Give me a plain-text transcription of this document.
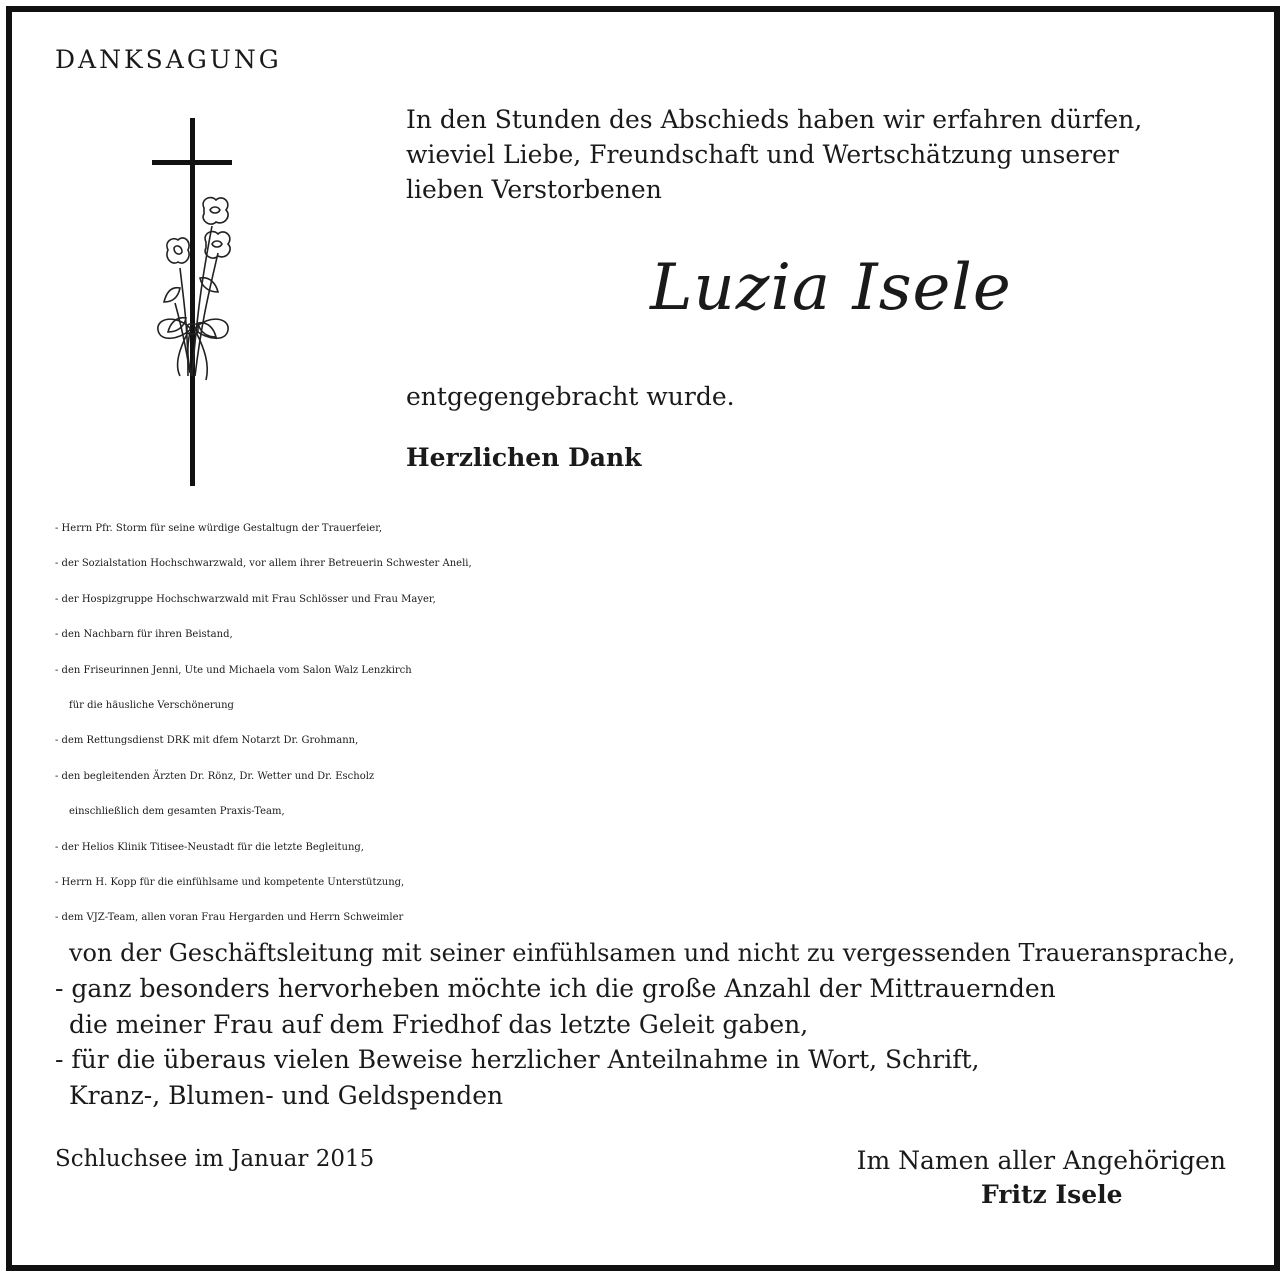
DANKSAGUNG
In den Stunden des Abschieds haben wir erfahren dürfen,
wieviel Liebe, Freundschaft und Wertschätzung unserer
lieben Verstorbenen
Luzia Isele
entgegengebracht wurde.
Herzlichen Dank
- Herrn Pfr. Storm für seine würdige Gestaltugn der Trauerfeier,
- der Sozialstation Hochschwarzwald, vor allem ihrer Betreuerin Schwester Aneli,
- der Hospizgruppe Hochschwarzwald mit Frau Schlösser und Frau Mayer,
- den Nachbarn für ihren Beistand,
- den Friseurinnen Jenni, Ute und Michaela vom Salon Walz Lenzkirch
für die häusliche Verschönerung
- dem Rettungsdienst DRK mit dfem Notarzt Dr. Grohmann,
- den begleitenden Ärzten Dr. Rönz, Dr. Wetter und Dr. Escholz
einschließlich dem gesamten Praxis-Team,
- der Helios Klinik Titisee-Neustadt für die letzte Begleitung,
- Herrn H. Kopp für die einfühlsame und kompetente Unterstützung,
- dem VJZ-Team, allen voran Frau Hergarden und Herrn Schweimler
von der Geschäftsleitung mit seiner einfühlsamen und nicht zu vergessenden Traueransprache,
- ganz besonders hervorheben möchte ich die große Anzahl der Mittrauernden
die meiner Frau auf dem Friedhof das letzte Geleit gaben,
- für die überaus vielen Beweise herzlicher Anteilnahme in Wort, Schrift,
Kranz-, Blumen- und Geldspenden
Schluchsee im Januar 2015	Im Namen aller Angehörigen
Fritz Isele
